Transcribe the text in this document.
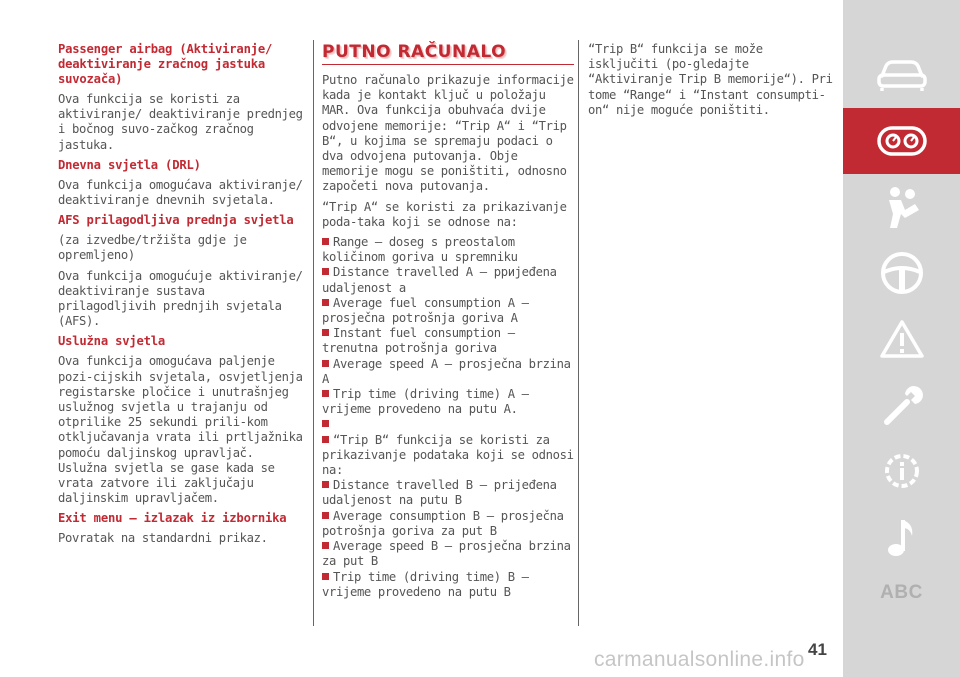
Passenger airbag (Aktiviranje/ deaktiviranje zračnog jastuka suvozača)
Ova funkcija se koristi za aktiviranje/ deaktiviranje prednjeg i bočnog suvo-začkog zračnog jastuka.
Dnevna svjetla (DRL)
Ova funkcija omogućava aktiviranje/ deaktiviranje dnevnih svjetala.
AFS prilagodljiva prednja svjetla
(za izvedbe/tržišta gdje je opremljeno)
Ova funkcija omogućuje aktiviranje/ deaktiviranje sustava prilagodljivih prednjih svjetala (AFS).
Uslužna svjetla
Ova funkcija omogućava paljenje pozi-cijskih svjetala, osvjetljenja registarske pločice i unutrašnjeg uslužnog svjetla u trajanju od otprilike 25 sekundi prili-kom otključavanja vrata ili prtljažnika pomoću daljinskog upravljač. Uslužna svjetla se gase kada se vrata zatvore ili zaključaju daljinskim upravljačem.
Exit menu – izlazak iz izbornika
Povratak na standardni prikaz.
PUTNO RAČUNALO
Putno računalo prikazuje informacije kada je kontakt ključ u položaju MAR. Ova funkcija obuhvaća dvije odvojene memorije: “Trip A“ i “Trip B“, u kojima se spremaju podaci o dva odvojena putovanja. Obje memorije mogu se poništiti, odnosno započeti nova putovanja.
“Trip A“ se koristi za prikazivanje poda-taka koji se odnose na:
Range – doseg s preostalom količinom goriva u spremniku
Distance travelled A – pријeđena udaljenost a
Average fuel consumption A – prosječna potrošnja goriva A
Instant fuel consumption – trenutna potrošnja goriva
Average speed A – prosječna brzina A
Trip time (driving time) A – vrijeme provedeno na putu A.
“Trip B“ funkcija se koristi za prikazivanje podataka koji se odnosi na:
Distance travelled B – prijeđena udaljenost na putu B
Average consumption B – prosječna potrošnja goriva za put B
Average speed B – prosječna brzina za put B
Trip time (driving time) B – vrijeme provedeno na putu B
“Trip B“ funkcija se može isključiti (po-gledajte “Aktiviranje Trip B memorije“). Pri tome “Range“ i “Instant consumpti-on“ nije moguće poništiti.
ABC
41
carmanualsonline.info
